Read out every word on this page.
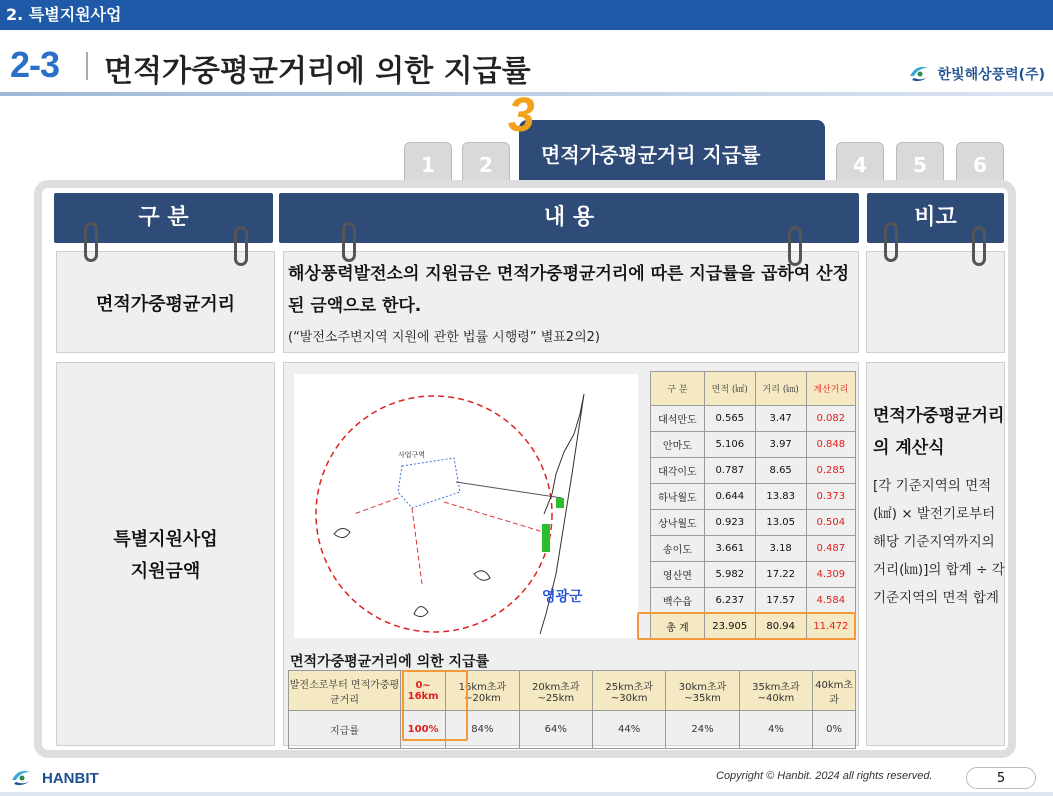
2. 특별지원사업
2-3 면적가중평균거리에 의한 지급률	한빛해상풍력(주)
1	2	면적가중평균거리 지급률
3
4	5	6
구 분	내 용	비고
면적가중평균거리
해상풍력발전소의 지원금은 면적가중평균거리에 따른 지급률을 곱하여 산정된 금액으로 한다.
(“발전소주변지역 지원에 관한 법률 시행령” 별표2의2)
특별지원사업
지원금액
사업구역
영광군
구 분	면적 (㎢)	거리 (㎞)	계산거리
대석만도	0.565	3.47	0.082
안마도	5.106	3.97	0.848
대각이도	0.787	8.65	0.285
하낙월도	0.644	13.83	0.373
상낙월도	0.923	13.05	0.504
송이도	3.661	3.18	0.487
영산면	5.982	17.22	4.309
백수읍	6.237	17.57	4.584
총 계	23.905	80.94	11.472
면적가중평균거리에 의한 지급률
발전소로부터 면적가중평균거리	0~ 16km	16km초과 ~20km	20km초과 ~25km	25km초과 ~30km	30km초과 ~35km	35km초과 ~40km	40km초과
지급률	100%	84%	64%	44%	24%	4%	0%
면적가중평균거리의 계산식
[각 기준지역의 면적(㎢) × 발전기로부터 해당 기준지역까지의 거리(㎞)]의 합계 ÷ 각 기준지역의 면적 합계
HANBIT	Copyright © Hanbit. 2024 all rights reserved.	5
